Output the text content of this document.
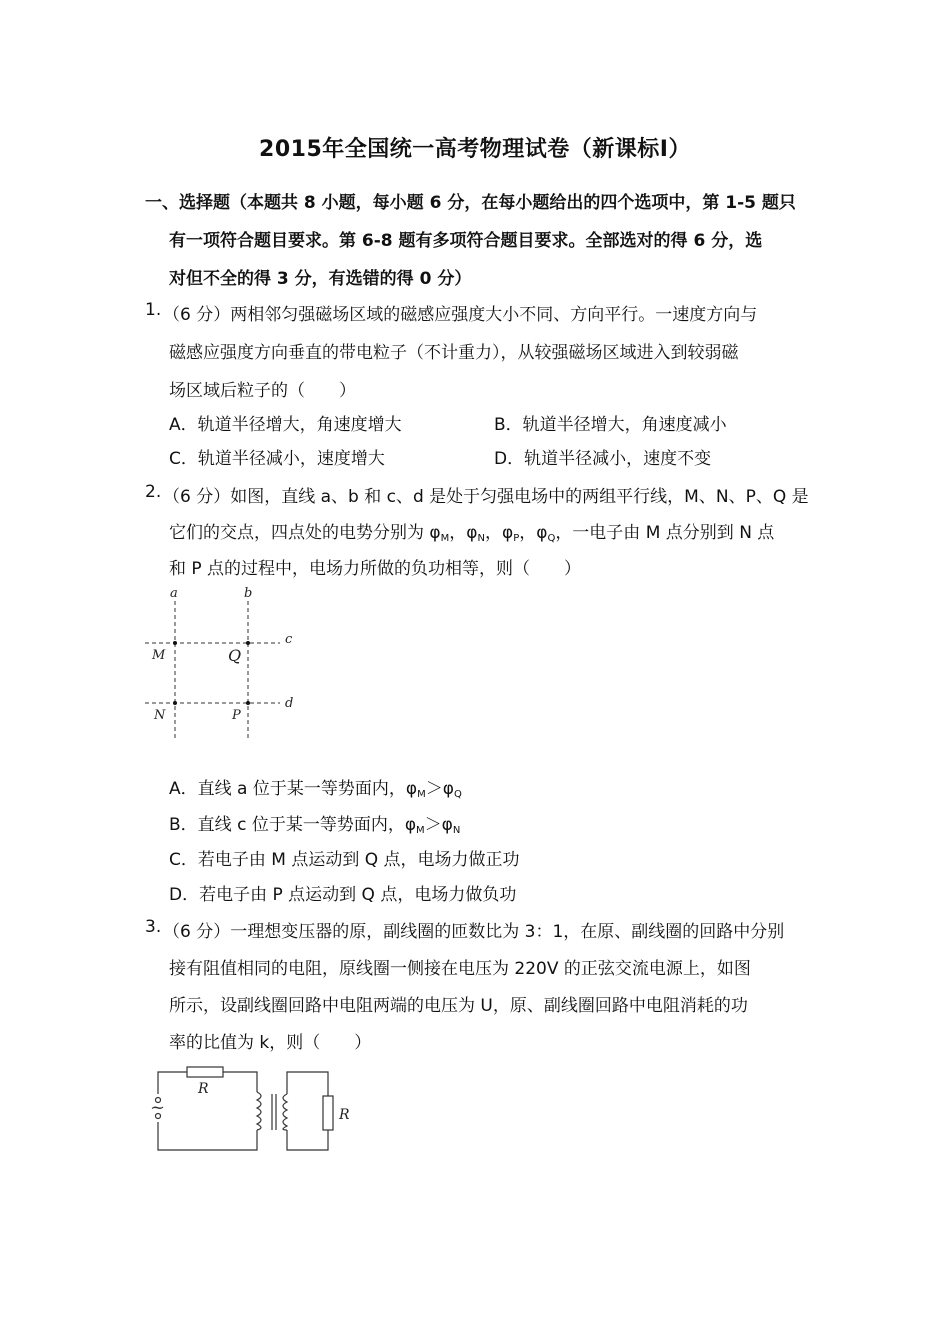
2015年全国统一高考物理试卷（新课标Ⅰ）
一、选择题（本题共 8 小题，每小题 6 分，在每小题给出的四个选项中，第 1-5 题只
有一项符合题目要求。第 6-8 题有多项符合题目要求。全部选对的得 6 分，选
对但不全的得 3 分，有选错的得 0 分）
1. （6 分）两相邻匀强磁场区域的磁感应强度大小不同、方向平行。一速度方向与
磁感应强度方向垂直的带电粒子（不计重力），从较强磁场区域进入到较弱磁
场区域后粒子的（　　）
A．轨道半径增大，角速度增大	B．轨道半径增大，角速度减小
C．轨道半径减小，速度增大	D．轨道半径减小，速度不变
2. （6 分）如图，直线 a、b 和 c、d 是处于匀强电场中的两组平行线，M、N、P、Q 是
它们的交点，四点处的电势分别为 $\varphi_M$，$\varphi_N$，$\varphi_P$，$\varphi_Q$，一电子由 M 点分别到 N 点
和 P 点的过程中，电场力所做的负功相等，则（　　）
a	b
c
d
M	Q
N	P
A．直线 a 位于某一等势面内，$\varphi_M>\varphi_Q$
B．直线 c 位于某一等势面内，$\varphi_M>\varphi_N$
C．若电子由 M 点运动到 Q 点，电场力做正功
D．若电子由 P 点运动到 Q 点，电场力做负功
3. （6 分）一理想变压器的原，副线圈的匝数比为 3：1，在原、副线圈的回路中分别
接有阻值相同的电阻，原线圈一侧接在电压为 220V 的正弦交流电源上，如图
所示，设副线圈回路中电阻两端的电压为 U，原、副线圈回路中电阻消耗的功
率的比值为 k，则（　　）
~
R
R
